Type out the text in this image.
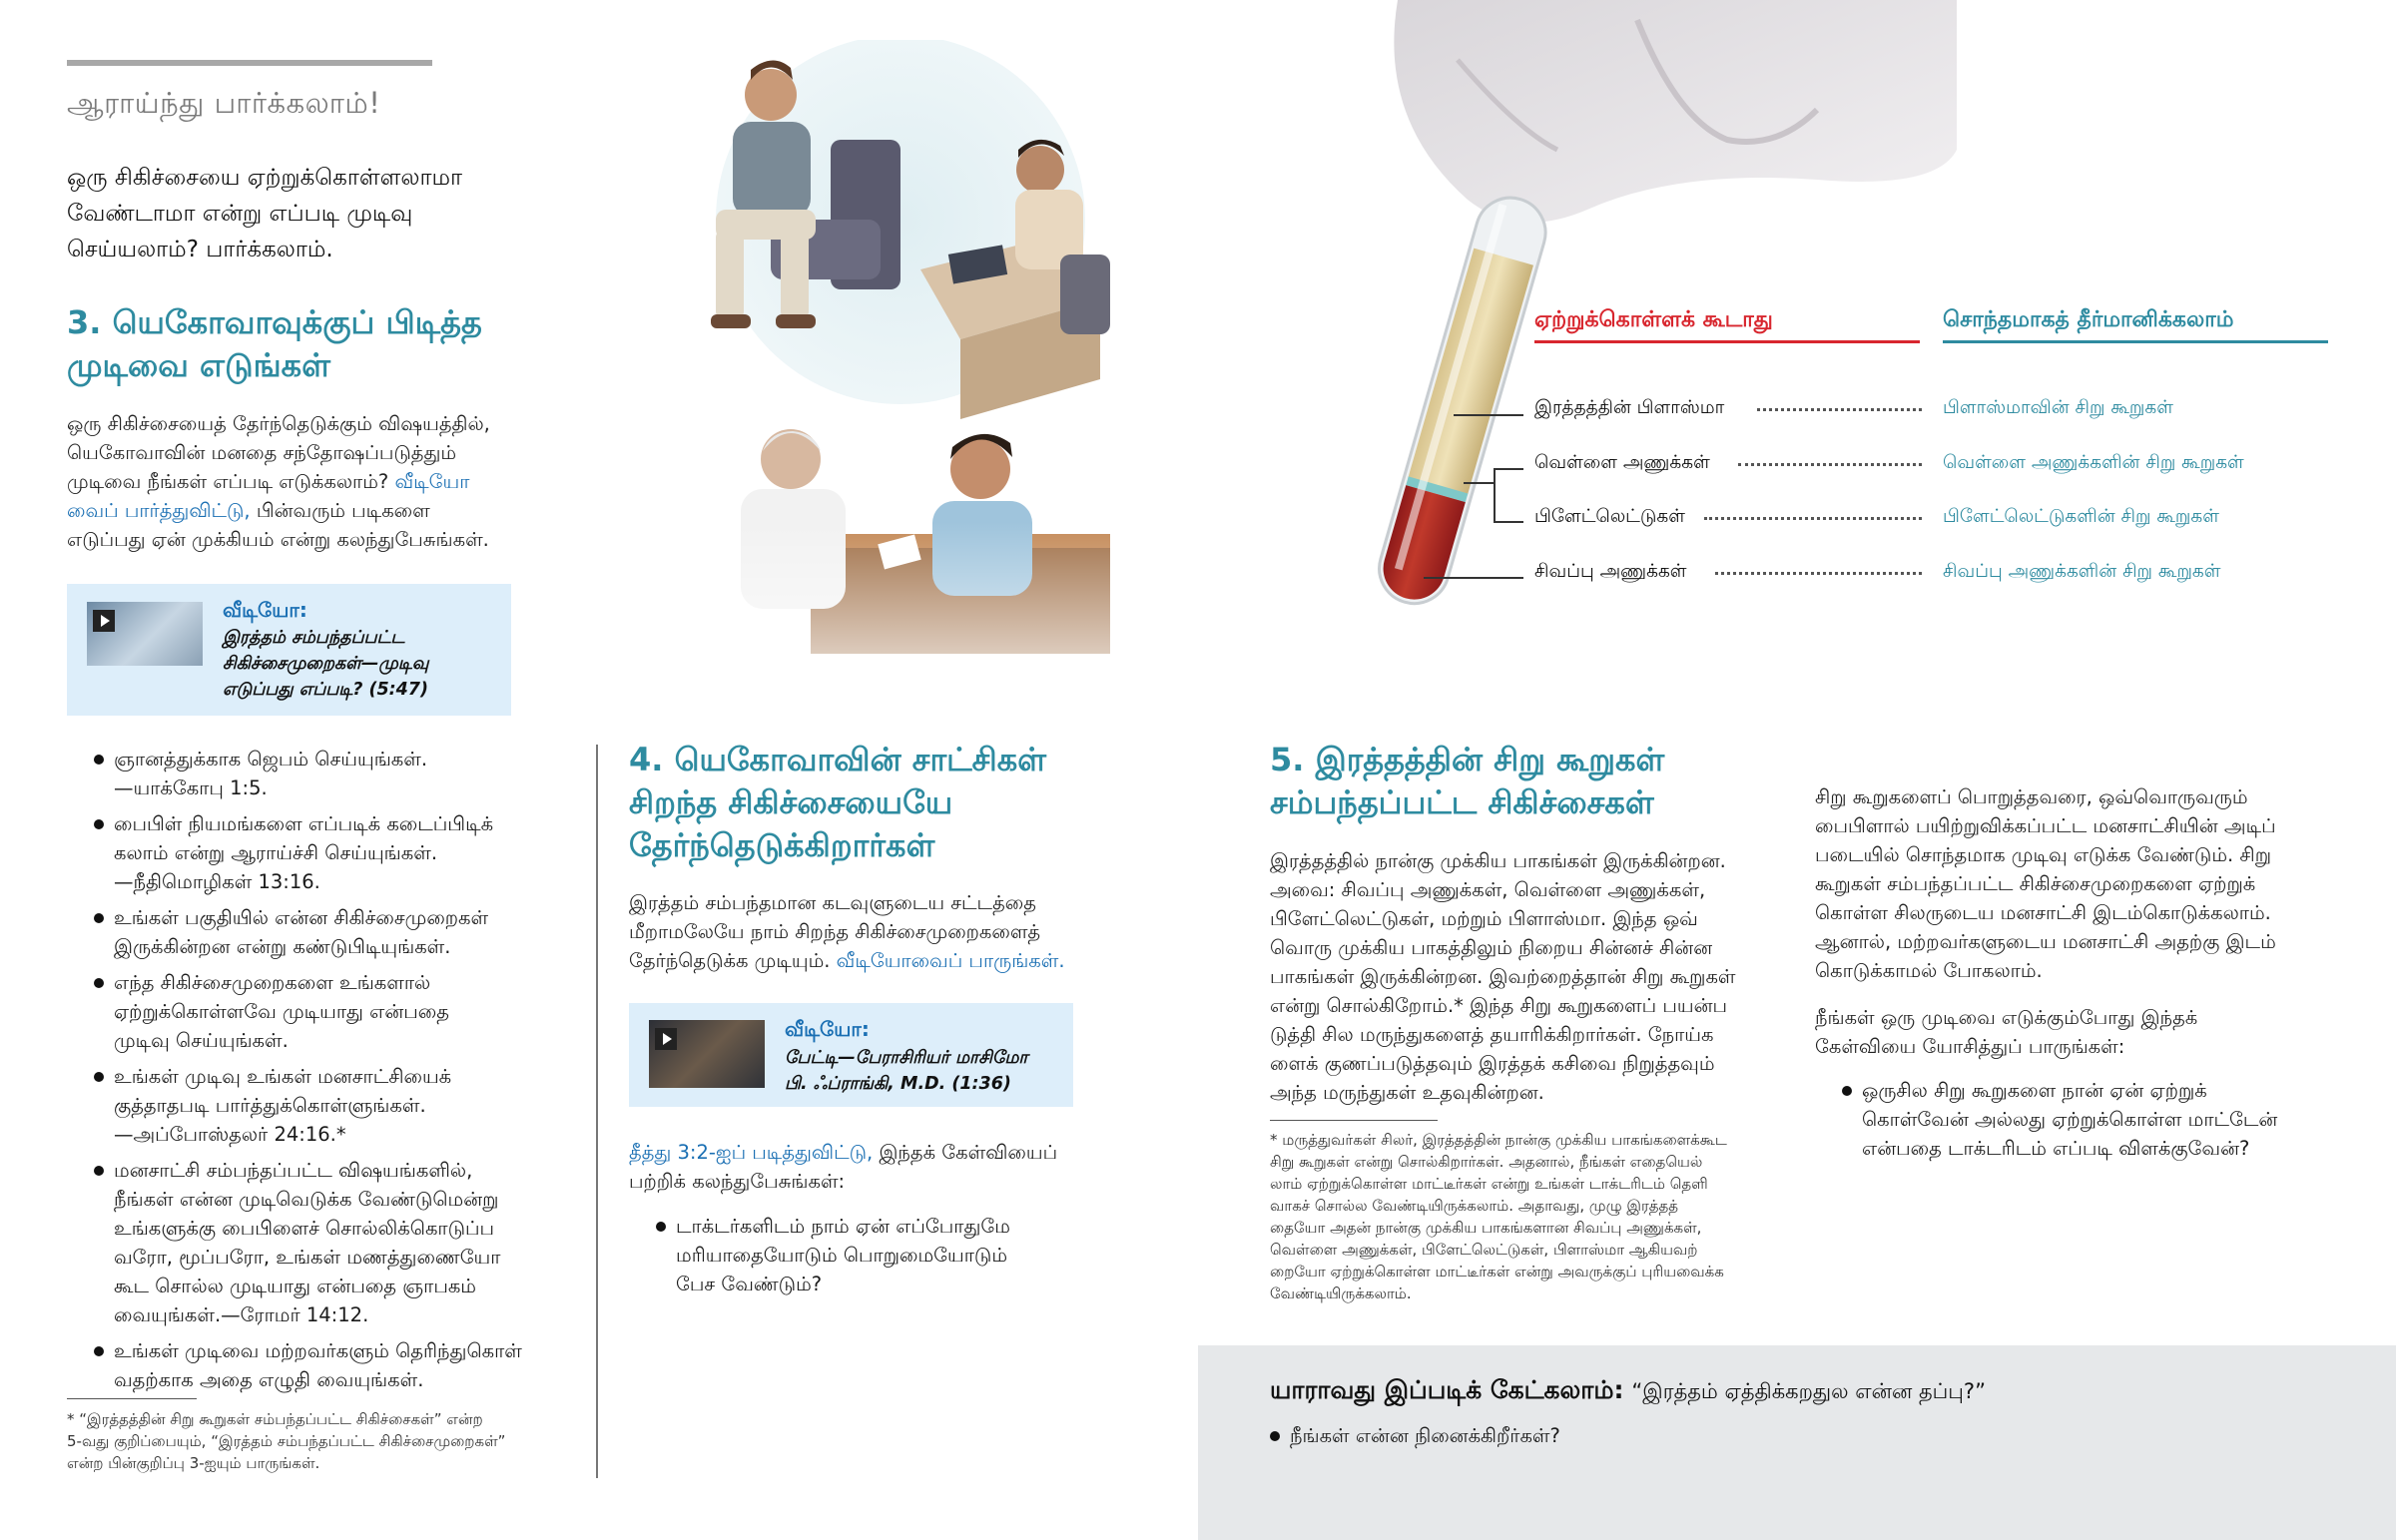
ஆராய்ந்து பார்க்கலாம்!
ஒரு சிகிச்சையை ஏற்றுக்கொள்ளலாமா வேண்டாமா என்று எப்படி முடிவு செய்யலாம்? பார்க்கலாம்.
3. யெகோவாவுக்குப் பிடித்த
முடிவை எடுங்கள்
ஒரு சிகிச்சையைத் தேர்ந்தெடுக்கும் விஷயத்தில்,
யெகோவாவின் மனதை சந்தோஷப்படுத்தும்
முடிவை நீங்கள் எப்படி எடுக்கலாம்? வீடியோ
வைப் பார்த்துவிட்டு, பின்வரும் படிகளை
எடுப்பது ஏன் முக்கியம் என்று கலந்துபேசுங்கள்.
வீடியோ:
இரத்தம் சம்பந்தப்பட்ட
சிகிச்சைமுறைகள்—முடிவு
எடுப்பது எப்படி? (5:47)
ஞானத்துக்காக ஜெபம் செய்யுங்கள்.
—யாக்கோபு 1:5.
பைபிள் நியமங்களை எப்படிக் கடைப்பிடிக்
கலாம் என்று ஆராய்ச்சி செய்யுங்கள்.
—நீதிமொழிகள் 13:16.
உங்கள் பகுதியில் என்ன சிகிச்சைமுறைகள்
இருக்கின்றன என்று கண்டுபிடியுங்கள்.
எந்த சிகிச்சைமுறைகளை உங்களால்
ஏற்றுக்கொள்ளவே முடியாது என்பதை
முடிவு செய்யுங்கள்.
உங்கள் முடிவு உங்கள் மனசாட்சியைக்
குத்தாதபடி பார்த்துக்கொள்ளுங்கள்.
—அப்போஸ்தலர் 24:16.*
மனசாட்சி சம்பந்தப்பட்ட விஷயங்களில்,
நீங்கள் என்ன முடிவெடுக்க வேண்டுமென்று
உங்களுக்கு பைபிளைச் சொல்லிக்கொடுப்ப
வரோ, மூப்பரோ, உங்கள் மணத்துணையோ
கூட சொல்ல முடியாது என்பதை ஞாபகம்
வையுங்கள்.—ரோமர் 14:12.
உங்கள் முடிவை மற்றவர்களும் தெரிந்துகொள்
வதற்காக அதை எழுதி வையுங்கள்.
* “இரத்தத்தின் சிறு கூறுகள் சம்பந்தப்பட்ட சிகிச்சைகள்” என்ற
5-வது குறிப்பையும், “இரத்தம் சம்பந்தப்பட்ட சிகிச்சைமுறைகள்”
என்ற பின்குறிப்பு 3-ஐயும் பாருங்கள்.
4. யெகோவாவின் சாட்சிகள்
சிறந்த சிகிச்சையையே
தேர்ந்தெடுக்கிறார்கள்
இரத்தம் சம்பந்தமான கடவுளுடைய சட்டத்தை
மீறாமலேயே நாம் சிறந்த சிகிச்சைமுறைகளைத்
தேர்ந்தெடுக்க முடியும். வீடியோவைப் பாருங்கள்.
வீடியோ:
பேட்டி—பேராசிரியர் மாசிமோ
பி. ஃப்ராங்கி, M.D. (1:36)
தீத்து 3:2-ஐப் படித்துவிட்டு, இந்தக் கேள்வியைப்
பற்றிக் கலந்துபேசுங்கள்:
டாக்டர்களிடம் நாம் ஏன் எப்போதுமே
மரியாதையோடும் பொறுமையோடும்
பேச வேண்டும்?
ஏற்றுக்கொள்ளக் கூடாது	சொந்தமாகத் தீர்மானிக்கலாம்
இரத்தத்தின் பிளாஸ்மா	பிளாஸ்மாவின் சிறு கூறுகள்
வெள்ளை அணுக்கள்	வெள்ளை அணுக்களின் சிறு கூறுகள்
பிளேட்லெட்டுகள்	பிளேட்லெட்டுகளின் சிறு கூறுகள்
சிவப்பு அணுக்கள்	சிவப்பு அணுக்களின் சிறு கூறுகள்
5. இரத்தத்தின் சிறு கூறுகள்
சம்பந்தப்பட்ட சிகிச்சைகள்
இரத்தத்தில் நான்கு முக்கிய பாகங்கள் இருக்கின்றன.
அவை: சிவப்பு அணுக்கள், வெள்ளை அணுக்கள்,
பிளேட்லெட்டுகள், மற்றும் பிளாஸ்மா. இந்த ஒவ்
வொரு முக்கிய பாகத்திலும் நிறைய சின்னச் சின்ன
பாகங்கள் இருக்கின்றன. இவற்றைத்தான் சிறு கூறுகள்
என்று சொல்கிறோம்.* இந்த சிறு கூறுகளைப் பயன்ப
டுத்தி சில மருந்துகளைத் தயாரிக்கிறார்கள். நோய்க
ளைக் குணப்படுத்தவும் இரத்தக் கசிவை நிறுத்தவும்
அந்த மருந்துகள் உதவுகின்றன.
* மருத்துவர்கள் சிலர், இரத்தத்தின் நான்கு முக்கிய பாகங்களைக்கூட
சிறு கூறுகள் என்று சொல்கிறார்கள். அதனால், நீங்கள் எதையெல்
லாம் ஏற்றுக்கொள்ள மாட்டீர்கள் என்று உங்கள் டாக்டரிடம் தெளி
வாகச் சொல்ல வேண்டியிருக்கலாம். அதாவது, முழு இரத்தத்
தையோ அதன் நான்கு முக்கிய பாகங்களான சிவப்பு அணுக்கள்,
வெள்ளை அணுக்கள், பிளேட்லெட்டுகள், பிளாஸ்மா ஆகியவற்
றையோ ஏற்றுக்கொள்ள மாட்டீர்கள் என்று அவருக்குப் புரியவைக்க
வேண்டியிருக்கலாம்.
சிறு கூறுகளைப் பொறுத்தவரை, ஒவ்வொருவரும்
பைபிளால் பயிற்றுவிக்கப்பட்ட மனசாட்சியின் அடிப்
படையில் சொந்தமாக முடிவு எடுக்க வேண்டும். சிறு
கூறுகள் சம்பந்தப்பட்ட சிகிச்சைமுறைகளை ஏற்றுக்
கொள்ள சிலருடைய மனசாட்சி இடம்கொடுக்கலாம்.
ஆனால், மற்றவர்களுடைய மனசாட்சி அதற்கு இடம்
கொடுக்காமல் போகலாம்.
நீங்கள் ஒரு முடிவை எடுக்கும்போது இந்தக்
கேள்வியை யோசித்துப் பாருங்கள்:
ஒருசில சிறு கூறுகளை நான் ஏன் ஏற்றுக்
கொள்வேன் அல்லது ஏற்றுக்கொள்ள மாட்டேன்
என்பதை டாக்டரிடம் எப்படி விளக்குவேன்?
யாராவது இப்படிக் கேட்கலாம்: “இரத்தம் ஏத்திக்கறதுல என்ன தப்பு?”
நீங்கள் என்ன நினைக்கிறீர்கள்?
